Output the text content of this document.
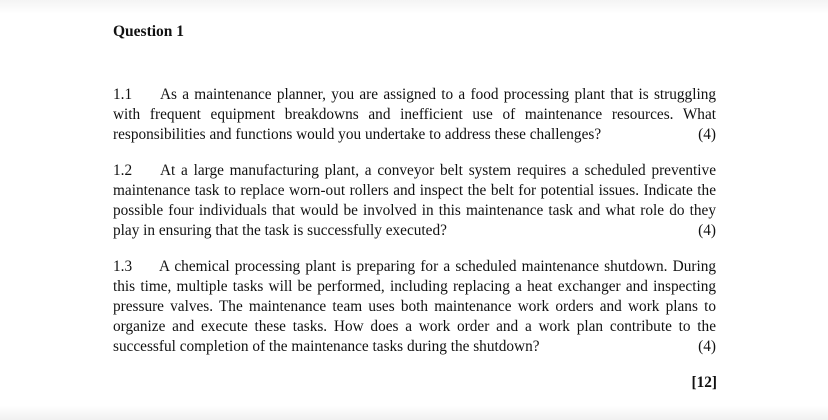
Question 1
1.1 As a maintenance planner, you are assigned to a food processing plant that is struggling with frequent equipment breakdowns and inefficient use of maintenance resources. What responsibilities and functions would you undertake to address these challenges?	(4)
1.2 At a large manufacturing plant, a conveyor belt system requires a scheduled preventive maintenance task to replace worn-out rollers and inspect the belt for potential issues. Indicate the possible four individuals that would be involved in this maintenance task and what role do they play in ensuring that the task is successfully executed?	(4)
1.3 A chemical processing plant is preparing for a scheduled maintenance shutdown. During this time, multiple tasks will be performed, including replacing a heat exchanger and inspecting pressure valves. The maintenance team uses both maintenance work orders and work plans to organize and execute these tasks. How does a work order and a work plan contribute to the successful completion of the maintenance tasks during the shutdown?	(4)
[12]
